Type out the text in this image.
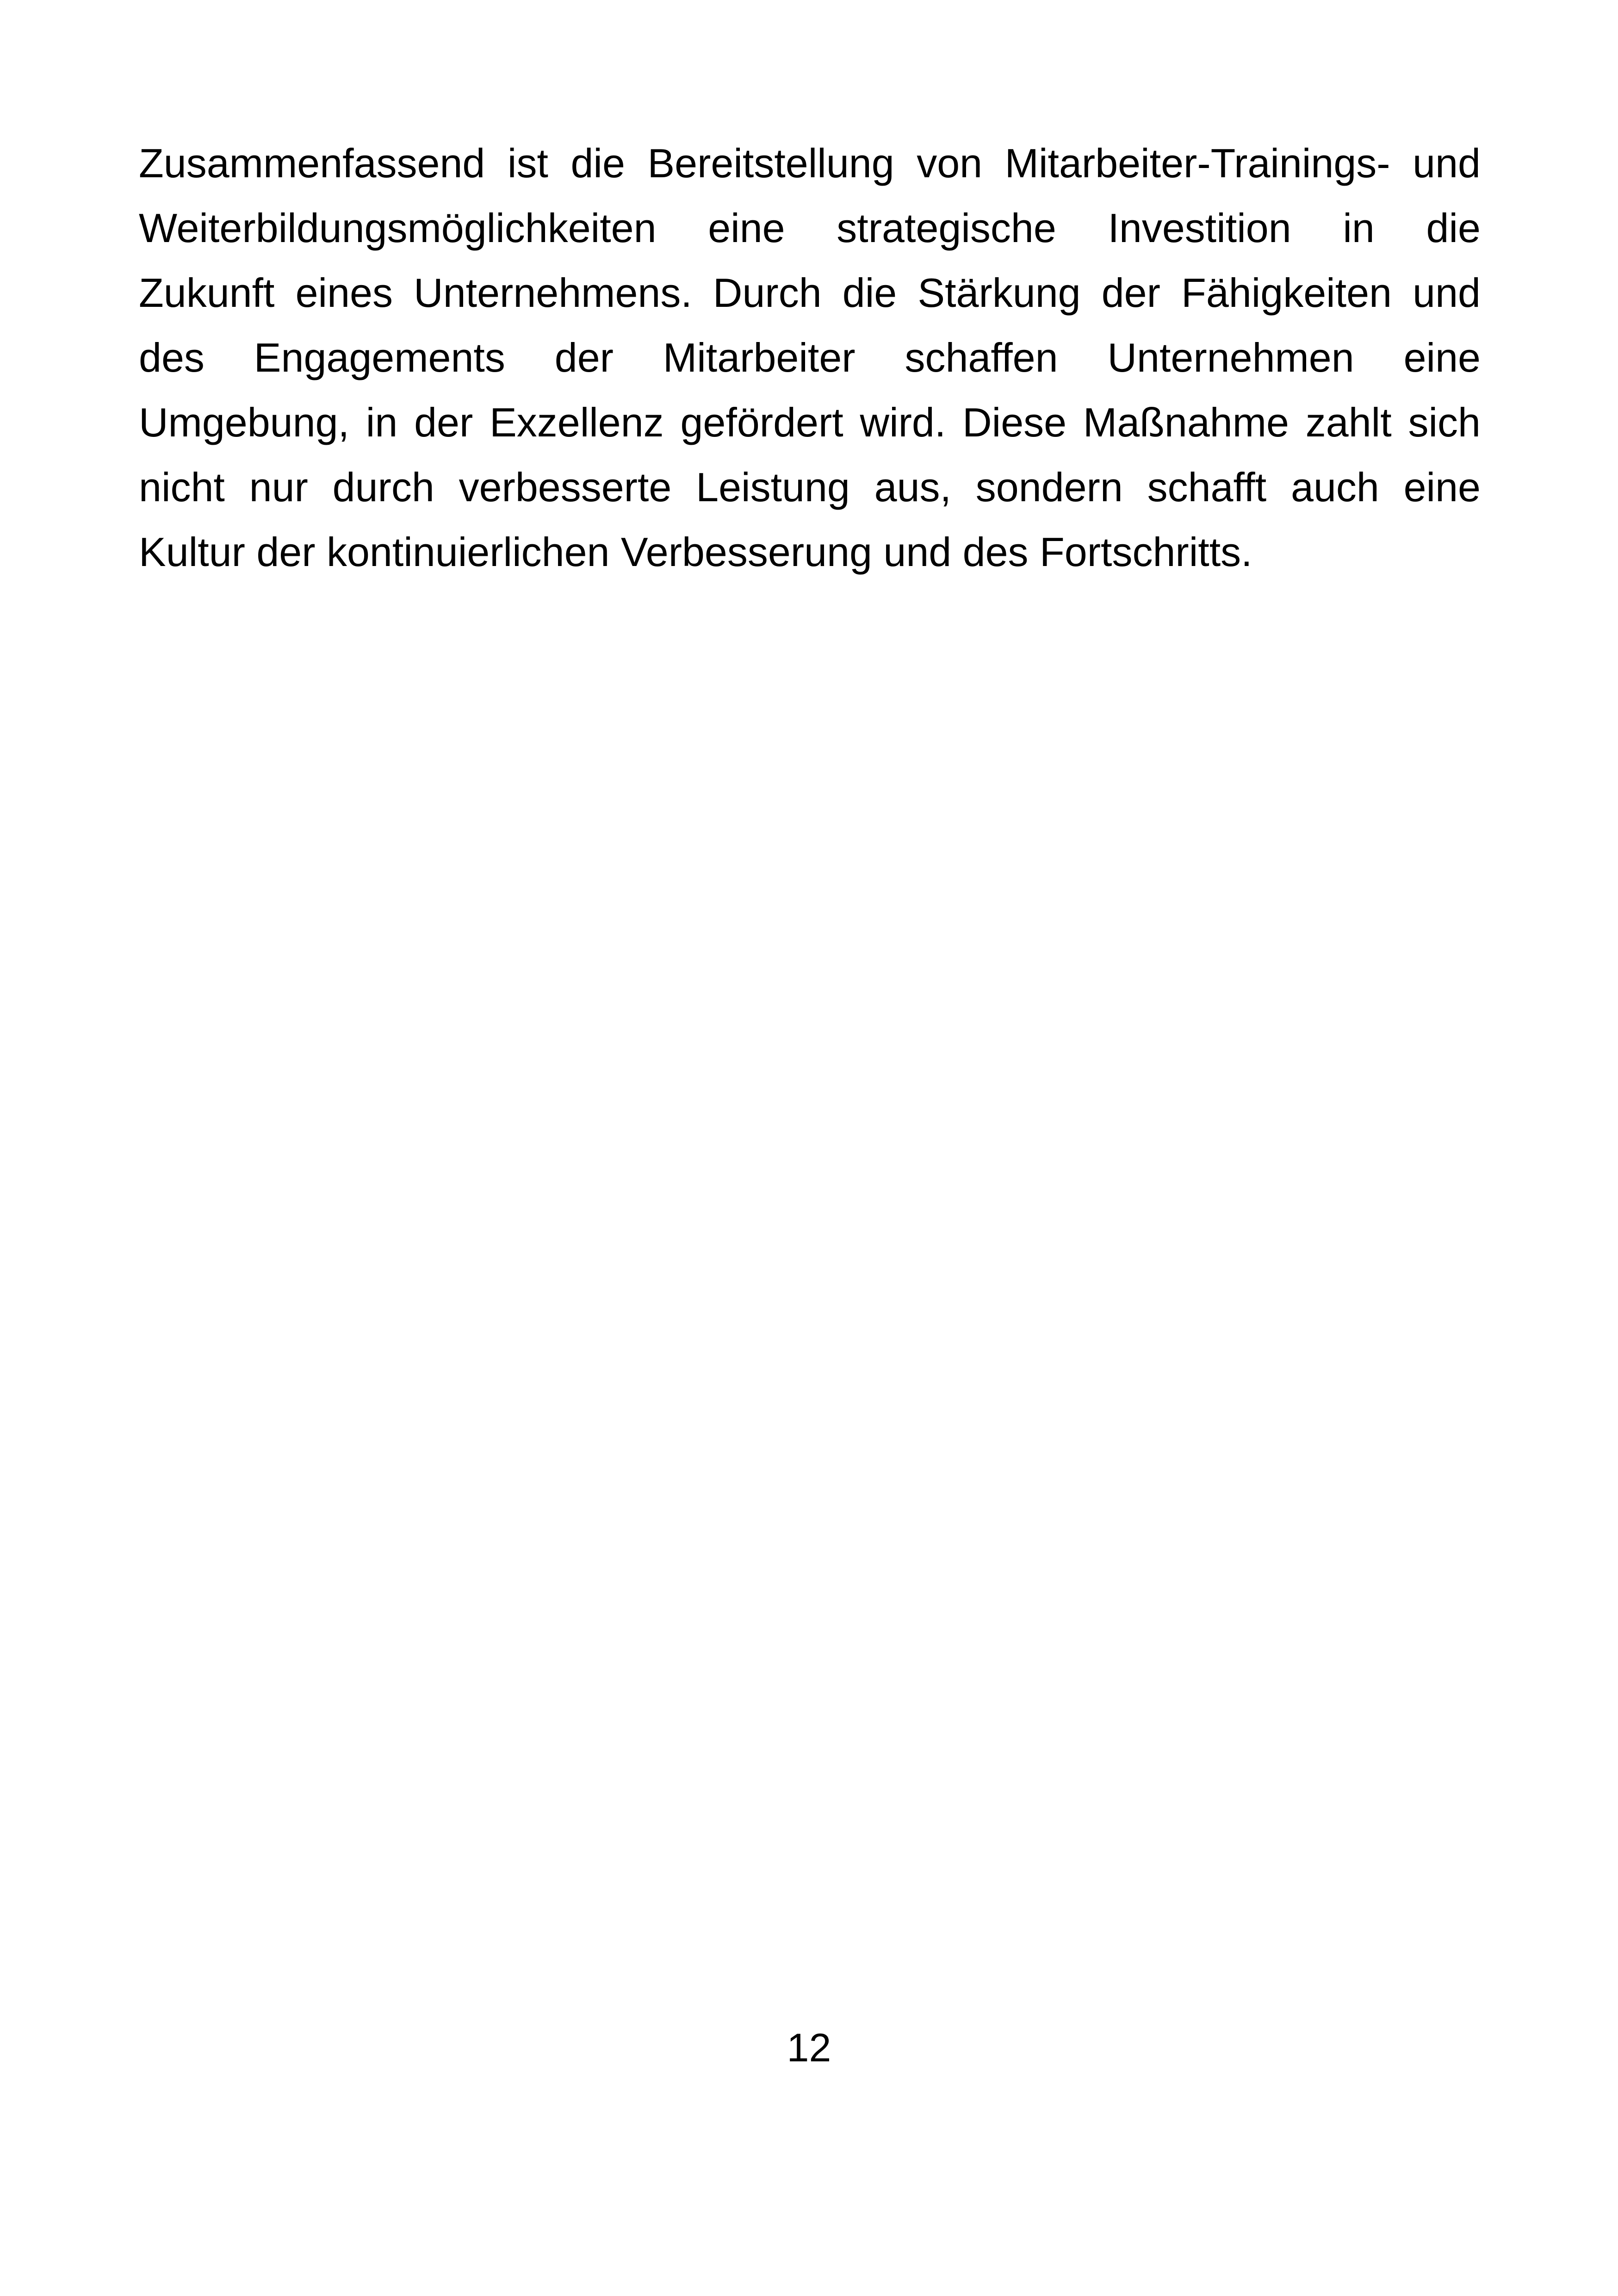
Zusammenfassend ist die Bereitstellung von Mitarbeiter-Trainings- und
Weiterbildungsmöglichkeiten eine strategische Investition in die
Zukunft eines Unternehmens. Durch die Stärkung der Fähigkeiten und
des Engagements der Mitarbeiter schaffen Unternehmen eine
Umgebung, in der Exzellenz gefördert wird. Diese Maßnahme zahlt sich
nicht nur durch verbesserte Leistung aus, sondern schafft auch eine
Kultur der kontinuierlichen Verbesserung und des Fortschritts.

12
